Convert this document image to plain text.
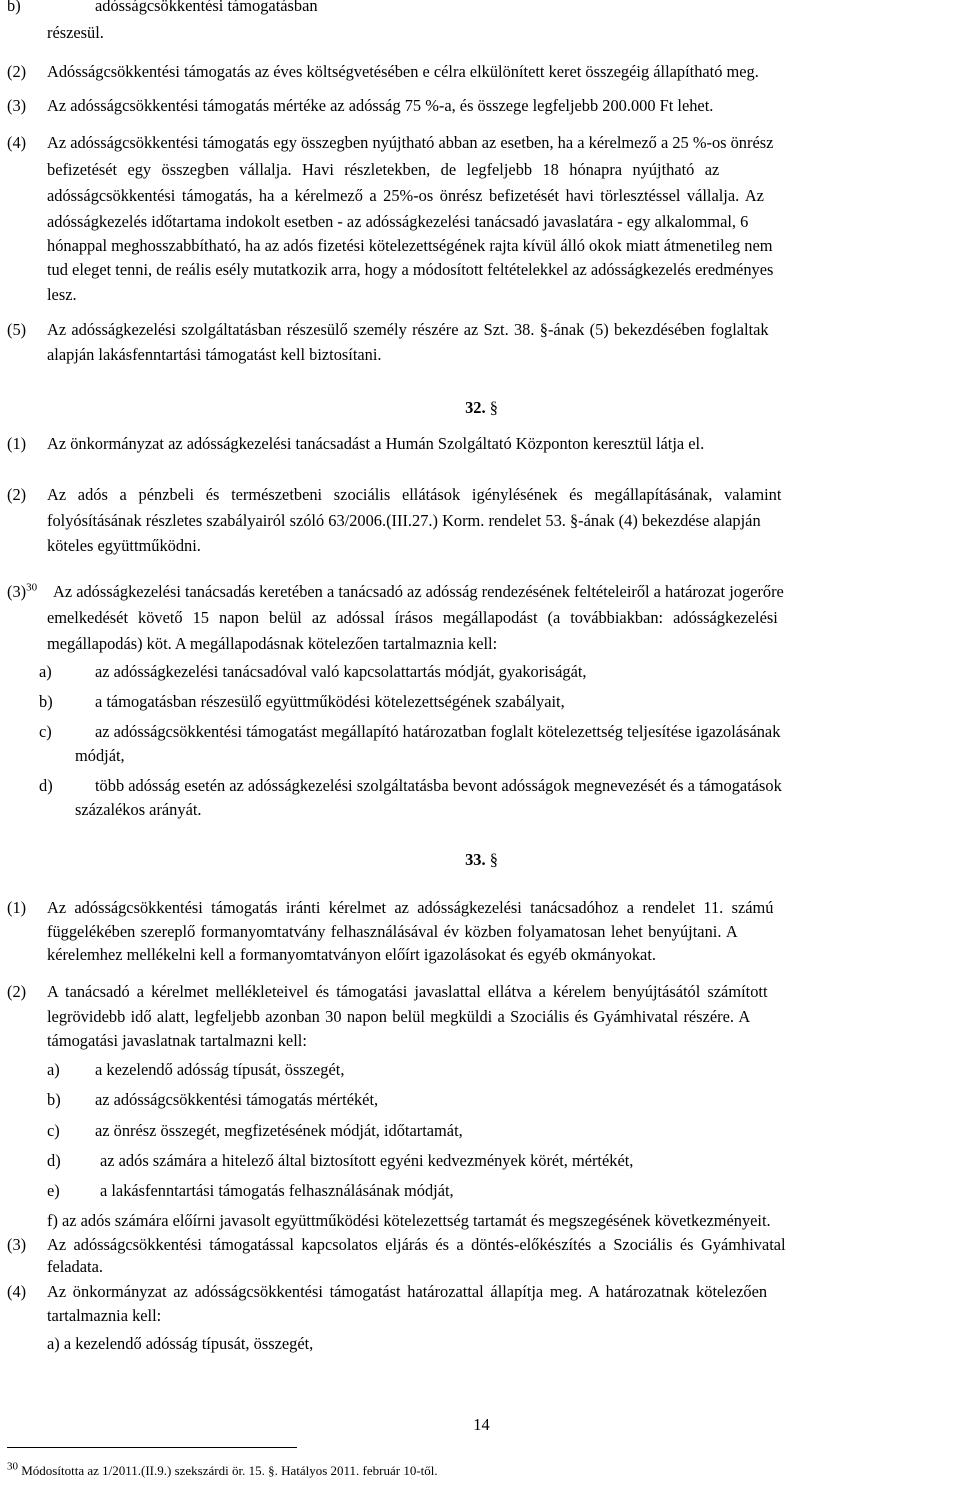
b)	adósságcsökkentési támogatásban
részesül.
(2) Adósságcsökkentési támogatás az éves költségvetésében e célra elkülönített keret összegéig állapítható meg.
(3) Az adósságcsökkentési támogatás mértéke az adósság 75 %-a, és összege legfeljebb 200.000 Ft lehet.
(4) Az adósságcsökkentési támogatás egy összegben nyújtható abban az esetben, ha a kérelmező a 25 %-os önrész
befizetését egy összegben vállalja. Havi részletekben, de legfeljebb 18 hónapra nyújtható az
adósságcsökkentési támogatás, ha a kérelmező a 25%-os önrész befizetését havi törlesztéssel vállalja. Az
adósságkezelés időtartama indokolt esetben - az adósságkezelési tanácsadó javaslatára - egy alkalommal, 6
hónappal meghosszabbítható, ha az adós fizetési kötelezettségének rajta kívül álló okok miatt átmenetileg nem
tud eleget tenni, de reális esély mutatkozik arra, hogy a módosított feltételekkel az adósságkezelés eredményes
lesz.
(5) Az adósságkezelési szolgáltatásban részesülő személy részére az Szt. 38. §-ának (5) bekezdésében foglaltak
alapján lakásfenntartási támogatást kell biztosítani.
32. §
(1) Az önkormányzat az adósságkezelési tanácsadást a Humán Szolgáltató Központon keresztül látja el.
(2) Az adós a pénzbeli és természetbeni szociális ellátások igénylésének és megállapításának, valamint
folyósításának részletes szabályairól szóló 63/2006.(III.27.) Korm. rendelet 53. §-ának (4) bekezdése alapján
köteles együttműködni.
$(3)^{30}$ Az adósságkezelési tanácsadás keretében a tanácsadó az adósság rendezésének feltételeiről a határozat jogerőre
emelkedését követő 15 napon belül az adóssal írásos megállapodást (a továbbiakban: adósságkezelési
megállapodás) köt. A megállapodásnak kötelezően tartalmaznia kell:
a)	az adósságkezelési tanácsadóval való kapcsolattartás módját, gyakoriságát,
b)	a támogatásban részesülő együttműködési kötelezettségének szabályait,
c)	az adósságcsökkentési támogatást megállapító határozatban foglalt kötelezettség teljesítése igazolásának
módját,
d)	több adósság esetén az adósságkezelési szolgáltatásba bevont adósságok megnevezését és a támogatások
százalékos arányát.
33. §
(1) Az adósságcsökkentési támogatás iránti kérelmet az adósságkezelési tanácsadóhoz a rendelet 11. számú
függelékében szereplő formanyomtatvány felhasználásával év közben folyamatosan lehet benyújtani. A
kérelemhez mellékelni kell a formanyomtatványon előírt igazolásokat és egyéb okmányokat.
(2) A tanácsadó a kérelmet mellékleteivel és támogatási javaslattal ellátva a kérelem benyújtásától számított
legrövidebb idő alatt, legfeljebb azonban 30 napon belül megküldi a Szociális és Gyámhivatal részére. A
támogatási javaslatnak tartalmazni kell:
a) a kezelendő adósság típusát, összegét,
b) az adósságcsökkentési támogatás mértékét,
c) az önrész összegét, megfizetésének módját, időtartamát,
d) az adós számára a hitelező által biztosított egyéni kedvezmények körét, mértékét,
e) a lakásfenntartási támogatás felhasználásának módját,
f) az adós számára előírni javasolt együttműködési kötelezettség tartamát és megszegésének következményeit.
(3) Az adósságcsökkentési támogatással kapcsolatos eljárás és a döntés-előkészítés a Szociális és Gyámhivatal
feladata.
(4) Az önkormányzat az adósságcsökkentési támogatást határozattal állapítja meg. A határozatnak kötelezően
tartalmaznia kell:
a) a kezelendő adósság típusát, összegét,
$^{30}$ Módosította az 1/2011.(II.9.) szekszárdi ör. 15. §. Hatályos 2011. február 10-től.
14
